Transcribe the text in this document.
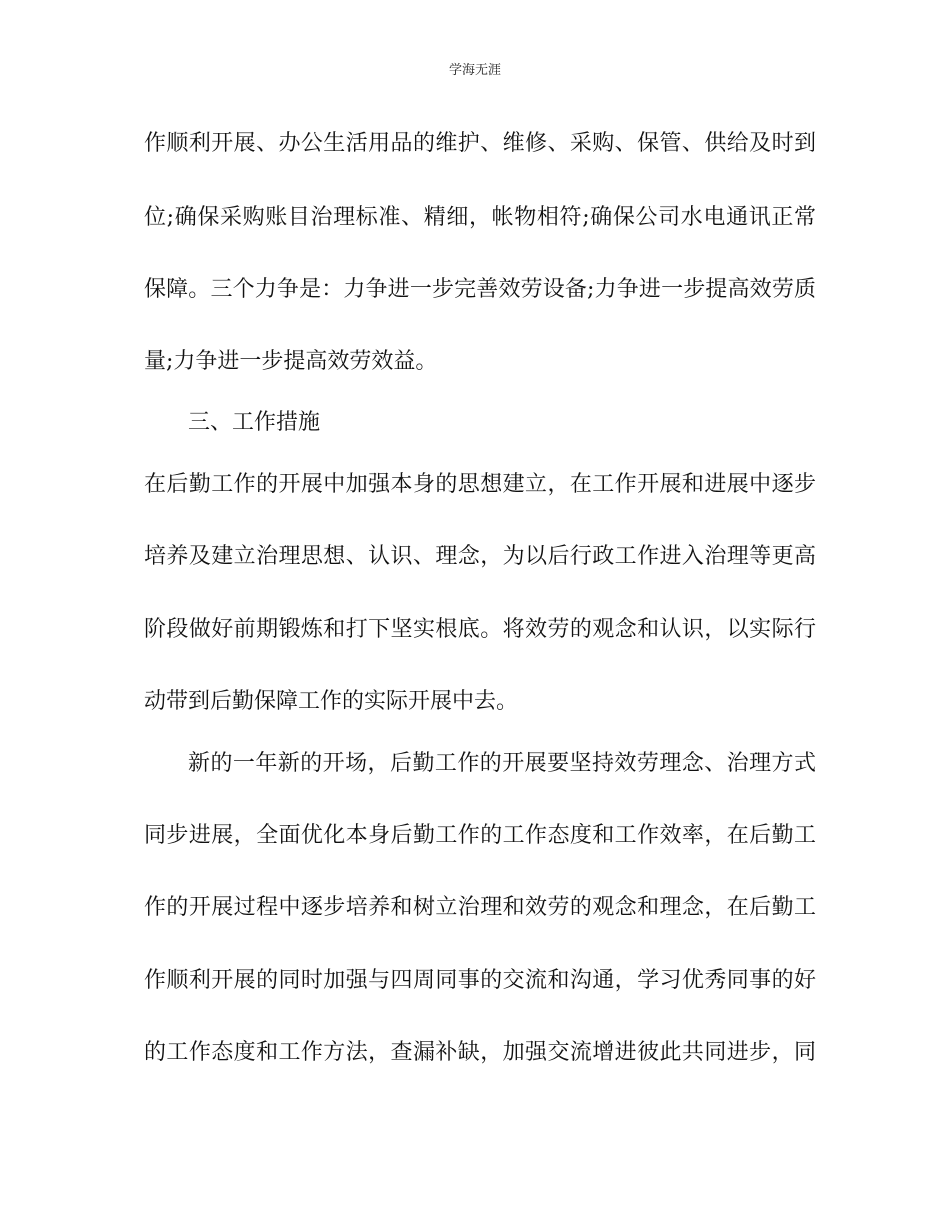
学海无涯
作顺利开展、办公生活用品的维护、维修、采购、保管、供给及时到
位;确保采购账目治理标准、精细，帐物相符;确保公司水电通讯正常
保障。三个力争是：力争进一步完善效劳设备;力争进一步提高效劳质
量;力争进一步提高效劳效益。
三、工作措施
在后勤工作的开展中加强本身的思想建立，在工作开展和进展中逐步
培养及建立治理思想、认识、理念，为以后行政工作进入治理等更高
阶段做好前期锻炼和打下坚实根底。将效劳的观念和认识，以实际行
动带到后勤保障工作的实际开展中去。
新的一年新的开场，后勤工作的开展要坚持效劳理念、治理方式
同步进展，全面优化本身后勤工作的工作态度和工作效率，在后勤工
作的开展过程中逐步培养和树立治理和效劳的观念和理念，在后勤工
作顺利开展的同时加强与四周同事的交流和沟通，学习优秀同事的好
的工作态度和工作方法，查漏补缺，加强交流增进彼此共同进步，同
